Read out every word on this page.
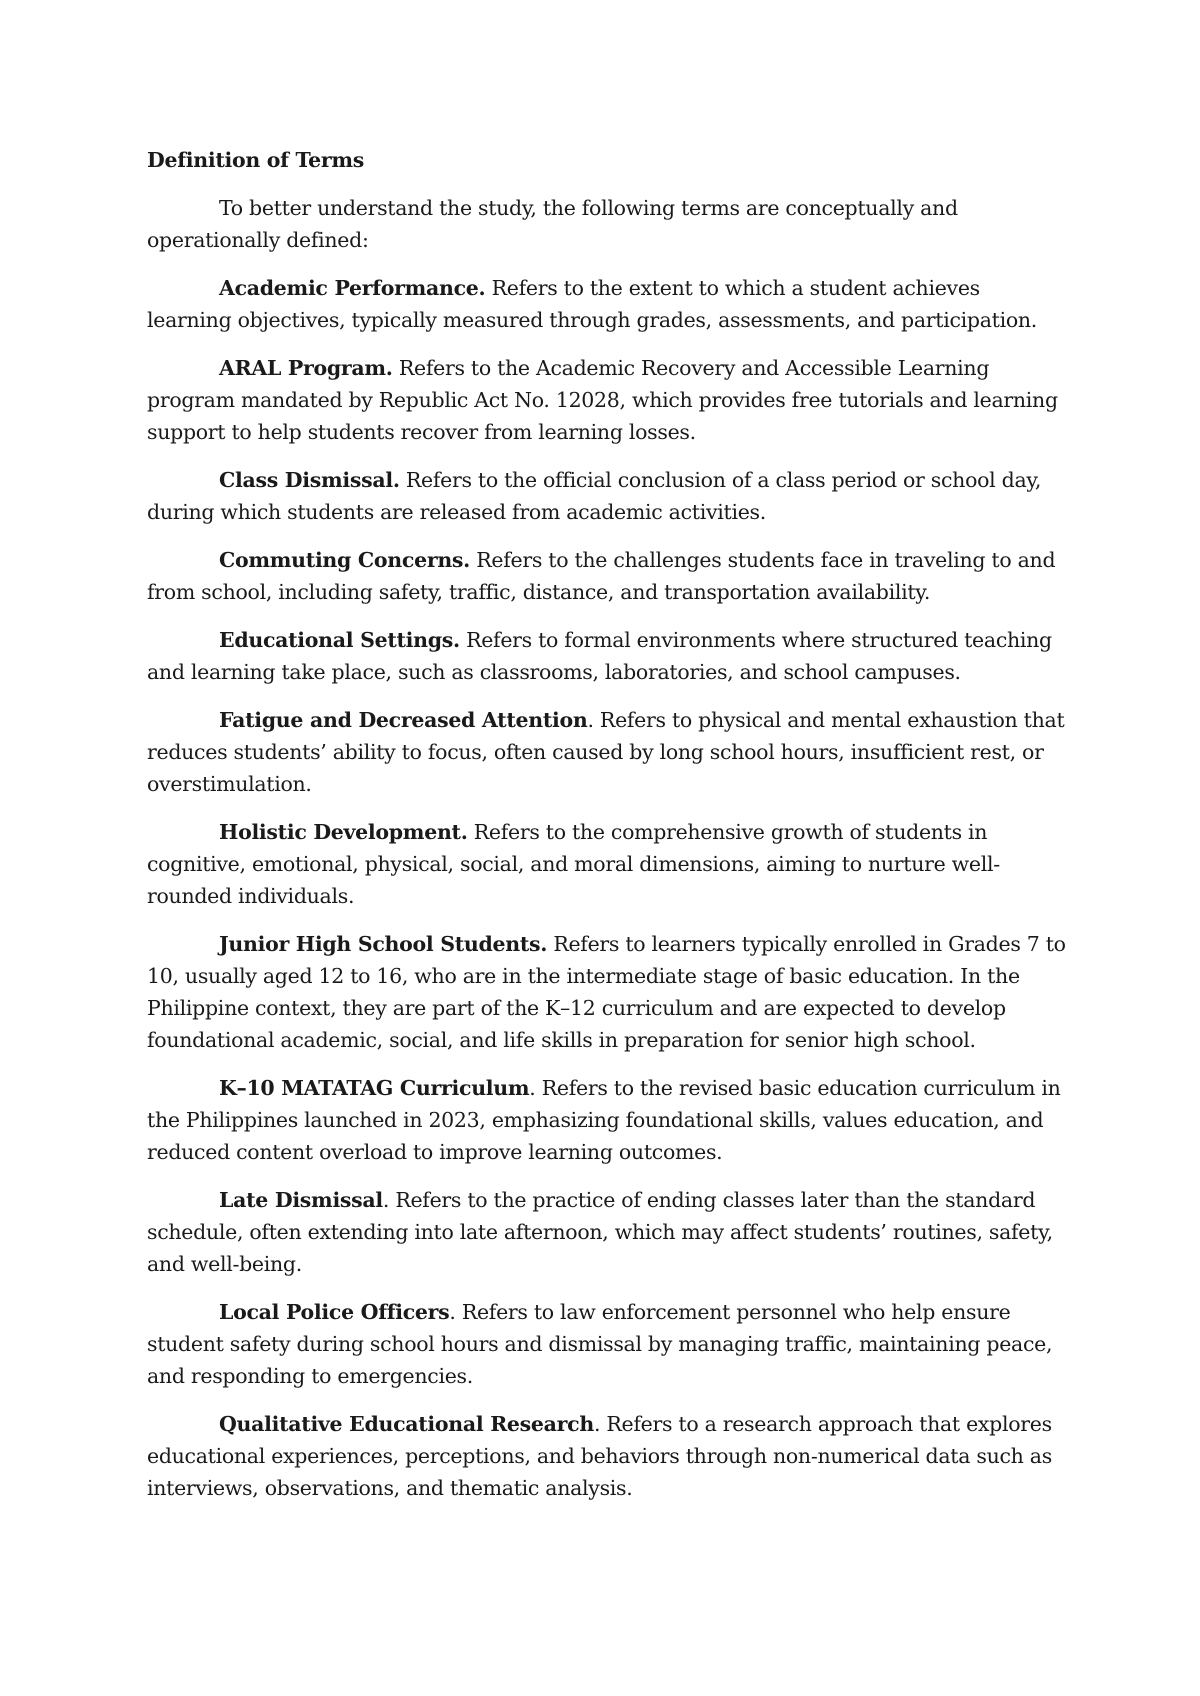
Definition of Terms

To better understand the study, the following terms are conceptually and operationally defined:

Academic Performance. Refers to the extent to which a student achieves learning objectives, typically measured through grades, assessments, and participation.

ARAL Program. Refers to the Academic Recovery and Accessible Learning program mandated by Republic Act No. 12028, which provides free tutorials and learning support to help students recover from learning losses.

Class Dismissal. Refers to the official conclusion of a class period or school day, during which students are released from academic activities.

Commuting Concerns. Refers to the challenges students face in traveling to and from school, including safety, traffic, distance, and transportation availability.

Educational Settings. Refers to formal environments where structured teaching and learning take place, such as classrooms, laboratories, and school campuses.

Fatigue and Decreased Attention. Refers to physical and mental exhaustion that reduces students’ ability to focus, often caused by long school hours, insufficient rest, or overstimulation.

Holistic Development. Refers to the comprehensive growth of students in cognitive, emotional, physical, social, and moral dimensions, aiming to nurture well-rounded individuals.

Junior High School Students. Refers to learners typically enrolled in Grades 7 to 10, usually aged 12 to 16, who are in the intermediate stage of basic education. In the Philippine context, they are part of the K–12 curriculum and are expected to develop foundational academic, social, and life skills in preparation for senior high school.

K–10 MATATAG Curriculum. Refers to the revised basic education curriculum in the Philippines launched in 2023, emphasizing foundational skills, values education, and reduced content overload to improve learning outcomes.

Late Dismissal. Refers to the practice of ending classes later than the standard schedule, often extending into late afternoon, which may affect students’ routines, safety, and well-being.

Local Police Officers. Refers to law enforcement personnel who help ensure student safety during school hours and dismissal by managing traffic, maintaining peace, and responding to emergencies.

Qualitative Educational Research. Refers to a research approach that explores educational experiences, perceptions, and behaviors through non-numerical data such as interviews, observations, and thematic analysis.
